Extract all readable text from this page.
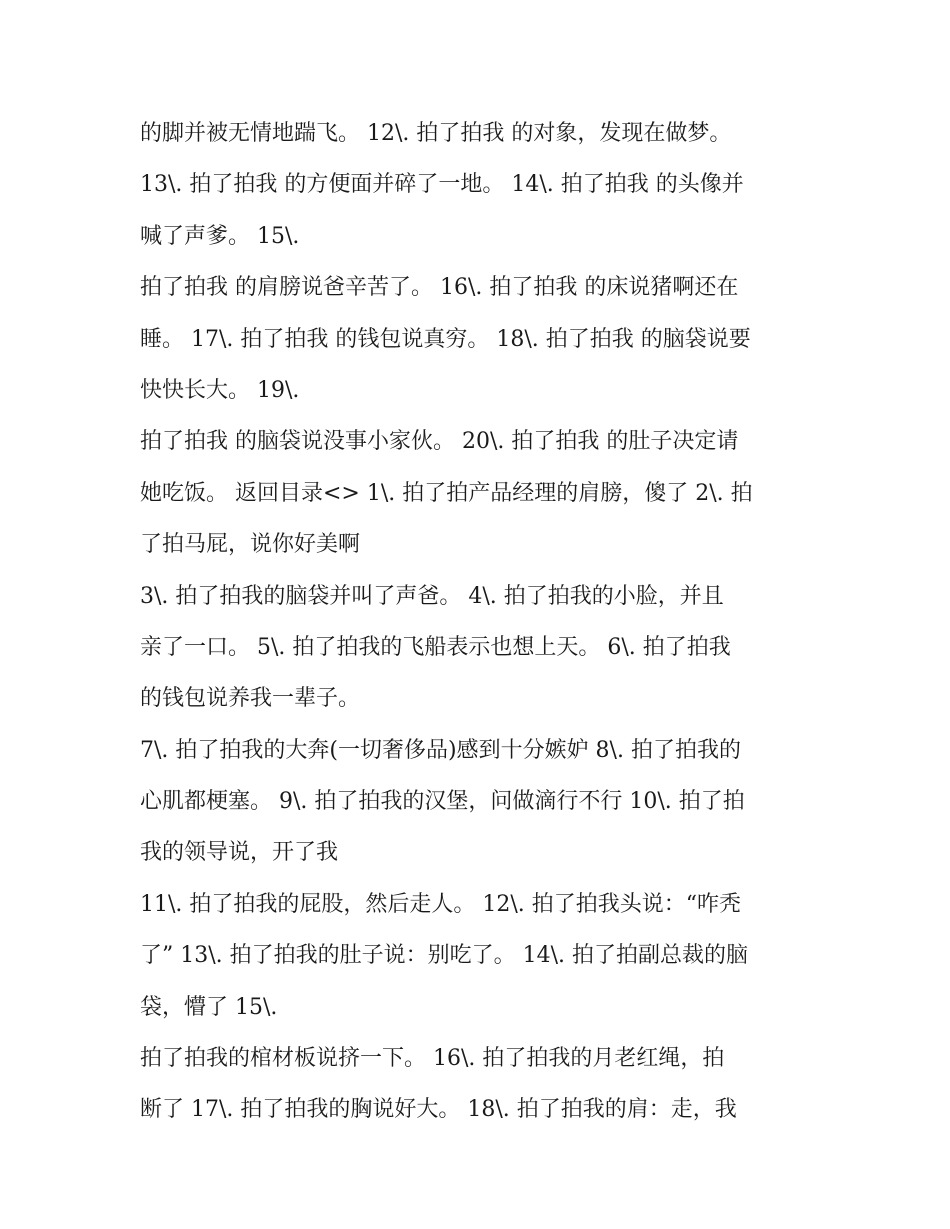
的脚并被无情地踹飞。 12\. 拍了拍我 的对象，发现在做梦。
13\. 拍了拍我 的方便面并碎了一地。 14\. 拍了拍我 的头像并
喊了声爹。 15\.
拍了拍我 的肩膀说爸辛苦了。 16\. 拍了拍我 的床说猪啊还在
睡。 17\. 拍了拍我 的钱包说真穷。 18\. 拍了拍我 的脑袋说要
快快长大。 19\.
拍了拍我 的脑袋说没事小家伙。 20\. 拍了拍我 的肚子决定请
她吃饭。 返回目录<> 1\. 拍了拍产品经理的肩膀，傻了 2\. 拍
了拍马屁，说你好美啊
3\. 拍了拍我的脑袋并叫了声爸。 4\. 拍了拍我的小脸，并且
亲了一口。 5\. 拍了拍我的飞船表示也想上天。 6\. 拍了拍我
的钱包说养我一辈子。
7\. 拍了拍我的大奔(一切奢侈品)感到十分嫉妒 8\. 拍了拍我的
心肌都梗塞。 9\. 拍了拍我的汉堡，问做滴行不行 10\. 拍了拍
我的领导说，开了我
11\. 拍了拍我的屁股，然后走人。 12\. 拍了拍我头说：“咋秃
了” 13\. 拍了拍我的肚子说：别吃了。 14\. 拍了拍副总裁的脑
袋，懵了 15\.
拍了拍我的棺材板说挤一下。 16\. 拍了拍我的月老红绳，拍
断了 17\. 拍了拍我的胸说好大。 18\. 拍了拍我的肩：走，我
